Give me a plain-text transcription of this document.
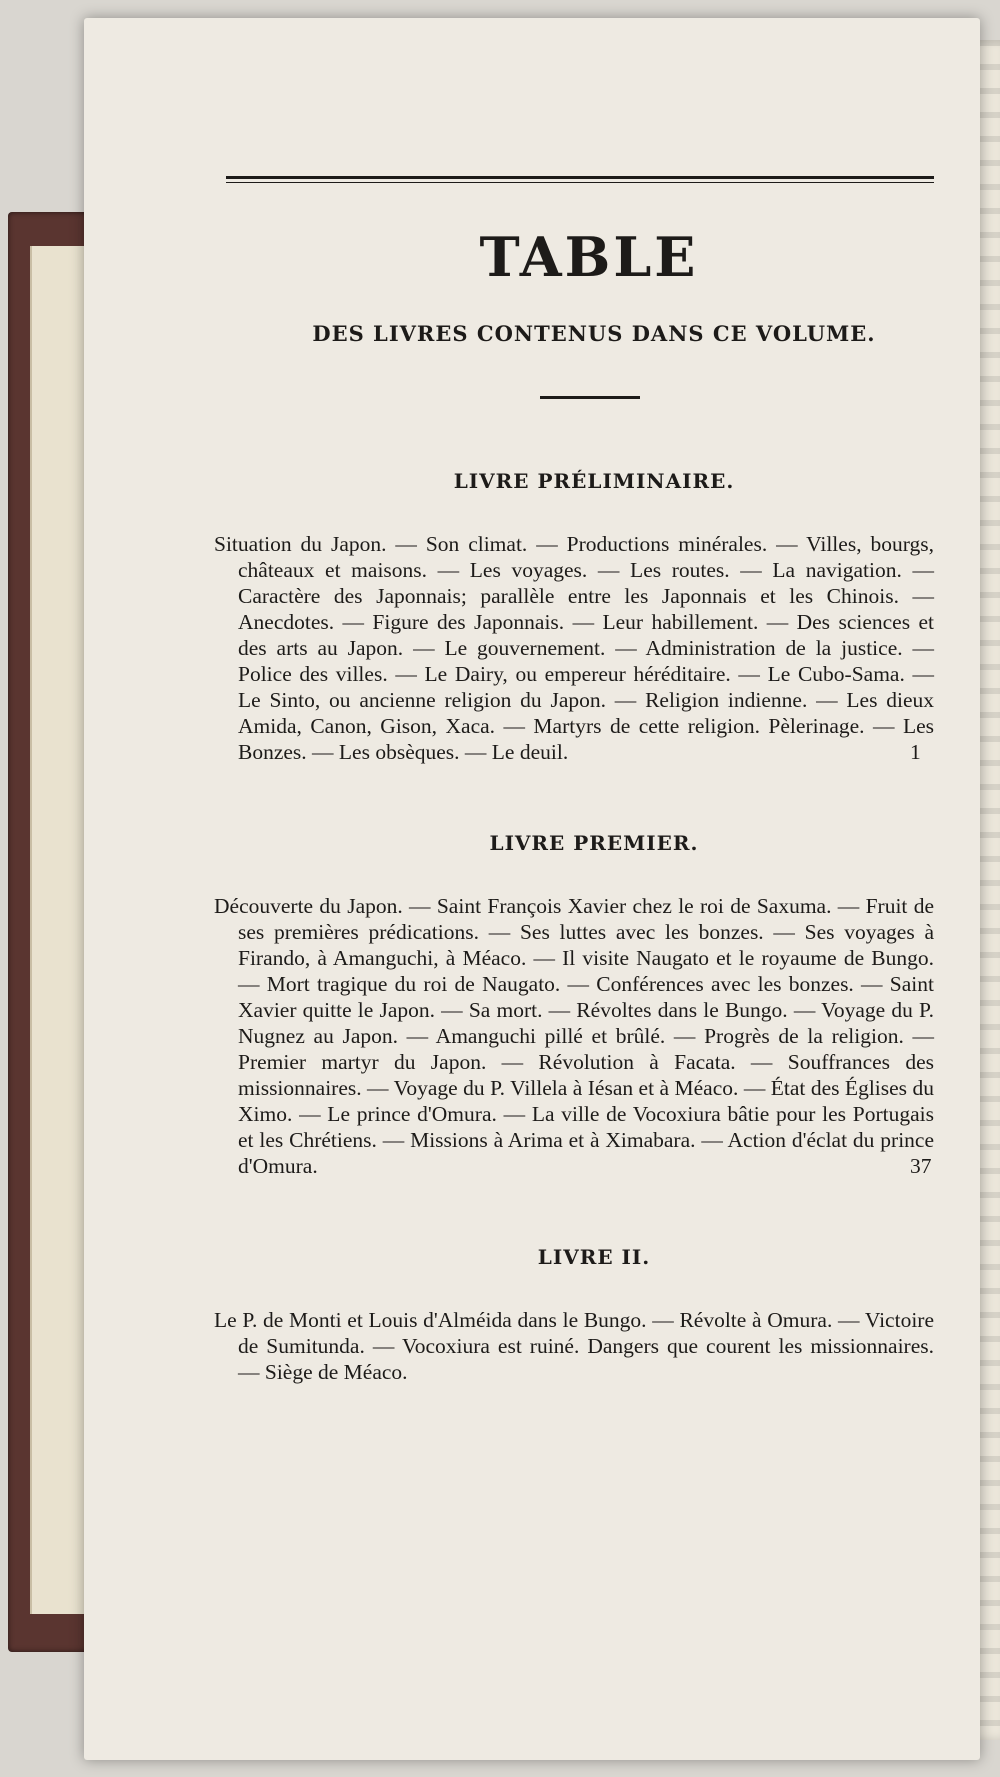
TABLE
DES LIVRES CONTENUS DANS CE VOLUME.
LIVRE PRÉLIMINAIRE.
Situation du Japon. — Son climat. — Productions minérales. — Villes, bourgs, châteaux et maisons. — Les voyages. — Les routes. — La navigation. — Caractère des Japonnais; parallèle entre les Japonnais et les Chinois. — Anecdotes. — Figure des Japonnais. — Leur habillement. — Des sciences et des arts au Japon. — Le gouvernement. — Administration de la justice. — Police des villes. — Le Dairy, ou empereur héréditaire. — Le Cubo-Sama. — Le Sinto, ou ancienne religion du Japon. — Religion indienne. — Les dieux Amida, Canon, Gison, Xaca. — Martyrs de cette religion. Pèlerinage. — Les Bonzes. — Les obsèques. — Le deuil.	1
LIVRE PREMIER.
Découverte du Japon. — Saint François Xavier chez le roi de Saxuma. — Fruit de ses premières prédications. — Ses luttes avec les bonzes. — Ses voyages à Firando, à Amanguchi, à Méaco. — Il visite Naugato et le royaume de Bungo. — Mort tragique du roi de Naugato. — Conférences avec les bonzes. — Saint Xavier quitte le Japon. — Sa mort. — Révoltes dans le Bungo. — Voyage du P. Nugnez au Japon. — Amanguchi pillé et brûlé. — Progrès de la religion. — Premier martyr du Japon. — Révolution à Facata. — Souffrances des missionnaires. — Voyage du P. Villela à Iésan et à Méaco. — État des Églises du Ximo. — Le prince d'Omura. — La ville de Vocoxiura bâtie pour les Portugais et les Chrétiens. — Missions à Arima et à Ximabara. — Action d'éclat du prince d'Omura.	37
LIVRE II.
Le P. de Monti et Louis d'Alméida dans le Bungo. — Révolte à Omura. — Victoire de Sumitunda. — Vocoxiura est ruiné. Dangers que courent les missionnaires. — Siège de Méaco.
